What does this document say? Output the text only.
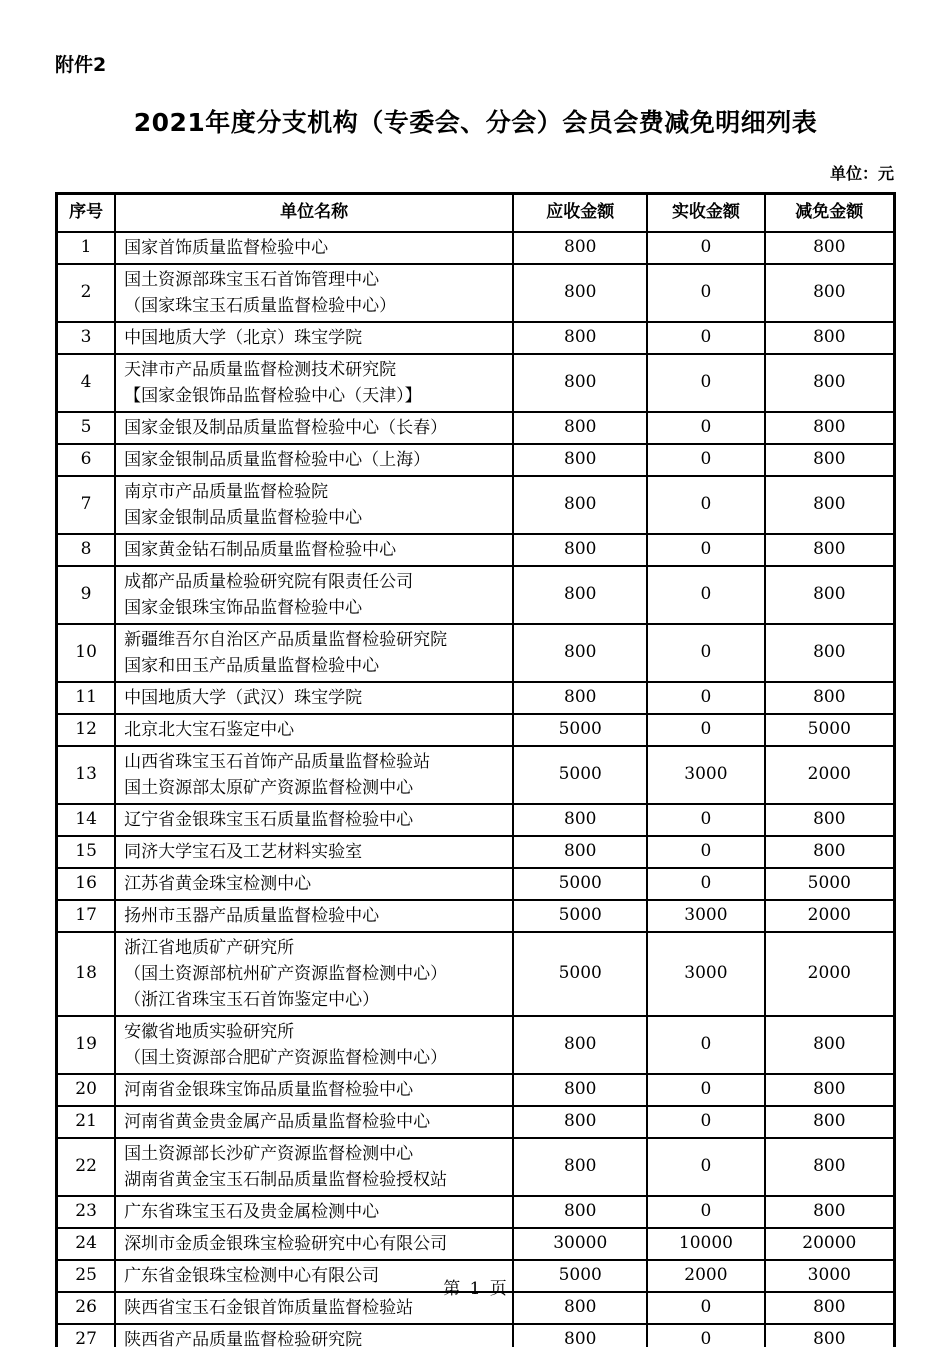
附件2
2021年度分支机构（专委会、分会）会员会费减免明细列表
单位：元
序号	单位名称	应收金额	实收金额	减免金额
1	国家首饰质量监督检验中心	800	0	800
2	国土资源部珠宝玉石首饰管理中心
（国家珠宝玉石质量监督检验中心）	800	0	800
3	中国地质大学（北京）珠宝学院	800	0	800
4	天津市产品质量监督检测技术研究院
【国家金银饰品监督检验中心（天津）】	800	0	800
5	国家金银及制品质量监督检验中心（长春）	800	0	800
6	国家金银制品质量监督检验中心（上海）	800	0	800
7	南京市产品质量监督检验院
国家金银制品质量监督检验中心	800	0	800
8	国家黄金钻石制品质量监督检验中心	800	0	800
9	成都产品质量检验研究院有限责任公司
国家金银珠宝饰品监督检验中心	800	0	800
10	新疆维吾尔自治区产品质量监督检验研究院
国家和田玉产品质量监督检验中心	800	0	800
11	中国地质大学（武汉）珠宝学院	800	0	800
12	北京北大宝石鉴定中心	5000	0	5000
13	山西省珠宝玉石首饰产品质量监督检验站
国土资源部太原矿产资源监督检测中心	5000	3000	2000
14	辽宁省金银珠宝玉石质量监督检验中心	800	0	800
15	同济大学宝石及工艺材料实验室	800	0	800
16	江苏省黄金珠宝检测中心	5000	0	5000
17	扬州市玉器产品质量监督检验中心	5000	3000	2000
18	浙江省地质矿产研究所
（国土资源部杭州矿产资源监督检测中心）
（浙江省珠宝玉石首饰鉴定中心）	5000	3000	2000
19	安徽省地质实验研究所
（国土资源部合肥矿产资源监督检测中心）	800	0	800
20	河南省金银珠宝饰品质量监督检验中心	800	0	800
21	河南省黄金贵金属产品质量监督检验中心	800	0	800
22	国土资源部长沙矿产资源监督检测中心
湖南省黄金宝玉石制品质量监督检验授权站	800	0	800
23	广东省珠宝玉石及贵金属检测中心	800	0	800
24	深圳市金质金银珠宝检验研究中心有限公司	30000	10000	20000
25	广东省金银珠宝检测中心有限公司	5000	2000	3000
26	陕西省宝玉石金银首饰质量监督检验站	800	0	800
27	陕西省产品质量监督检验研究院	800	0	800
第 1 页
